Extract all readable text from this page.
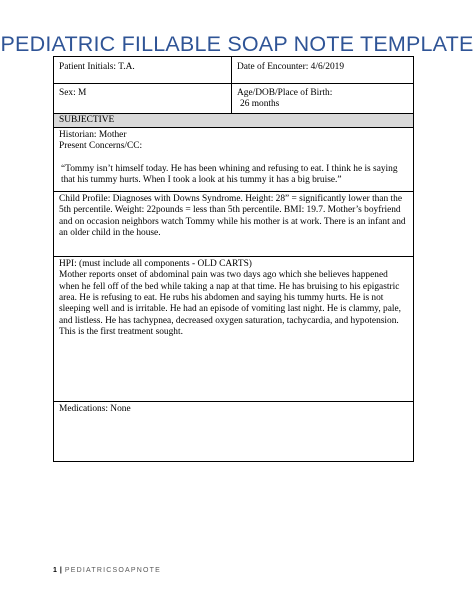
PEDIATRIC FILLABLE SOAP NOTE TEMPLATE
Patient Initials: T.A.	Date of Encounter: 4/6/2019
Sex: M	Age/DOB/Place of Birth:
26 months

SUBJECTIVE	

Historian: Mother
Present Concerns/CC:
“Tommy isn’t himself today. He has been whining and refusing to eat. I think he is saying that his tummy hurts. When I took a look at his tummy it has a big bruise.”	

Child Profile: Diagnoses with Downs Syndrome. Height: 28” = significantly lower than the 5th percentile. Weight: 22pounds = less than 5th percentile. BMI: 19.7. Mother’s boyfriend and on occasion neighbors watch Tommy while his mother is at work. There is an infant and an older child in the house.	

HPI: (must include all components - OLD CARTS)
Mother reports onset of abdominal pain was two days ago which she believes happened when he fell off of the bed while taking a nap at that time. He has bruising to his epigastric area. He is refusing to eat. He rubs his abdomen and saying his tummy hurts. He is not sleeping well and is irritable. He had an episode of vomiting last night. He is clammy, pale, and listless. He has tachypnea, decreased oxygen saturation, tachycardia, and hypotension. This is the first treatment sought.	

Medications: None	
1 | PEDIATRICSOAPNOTE
